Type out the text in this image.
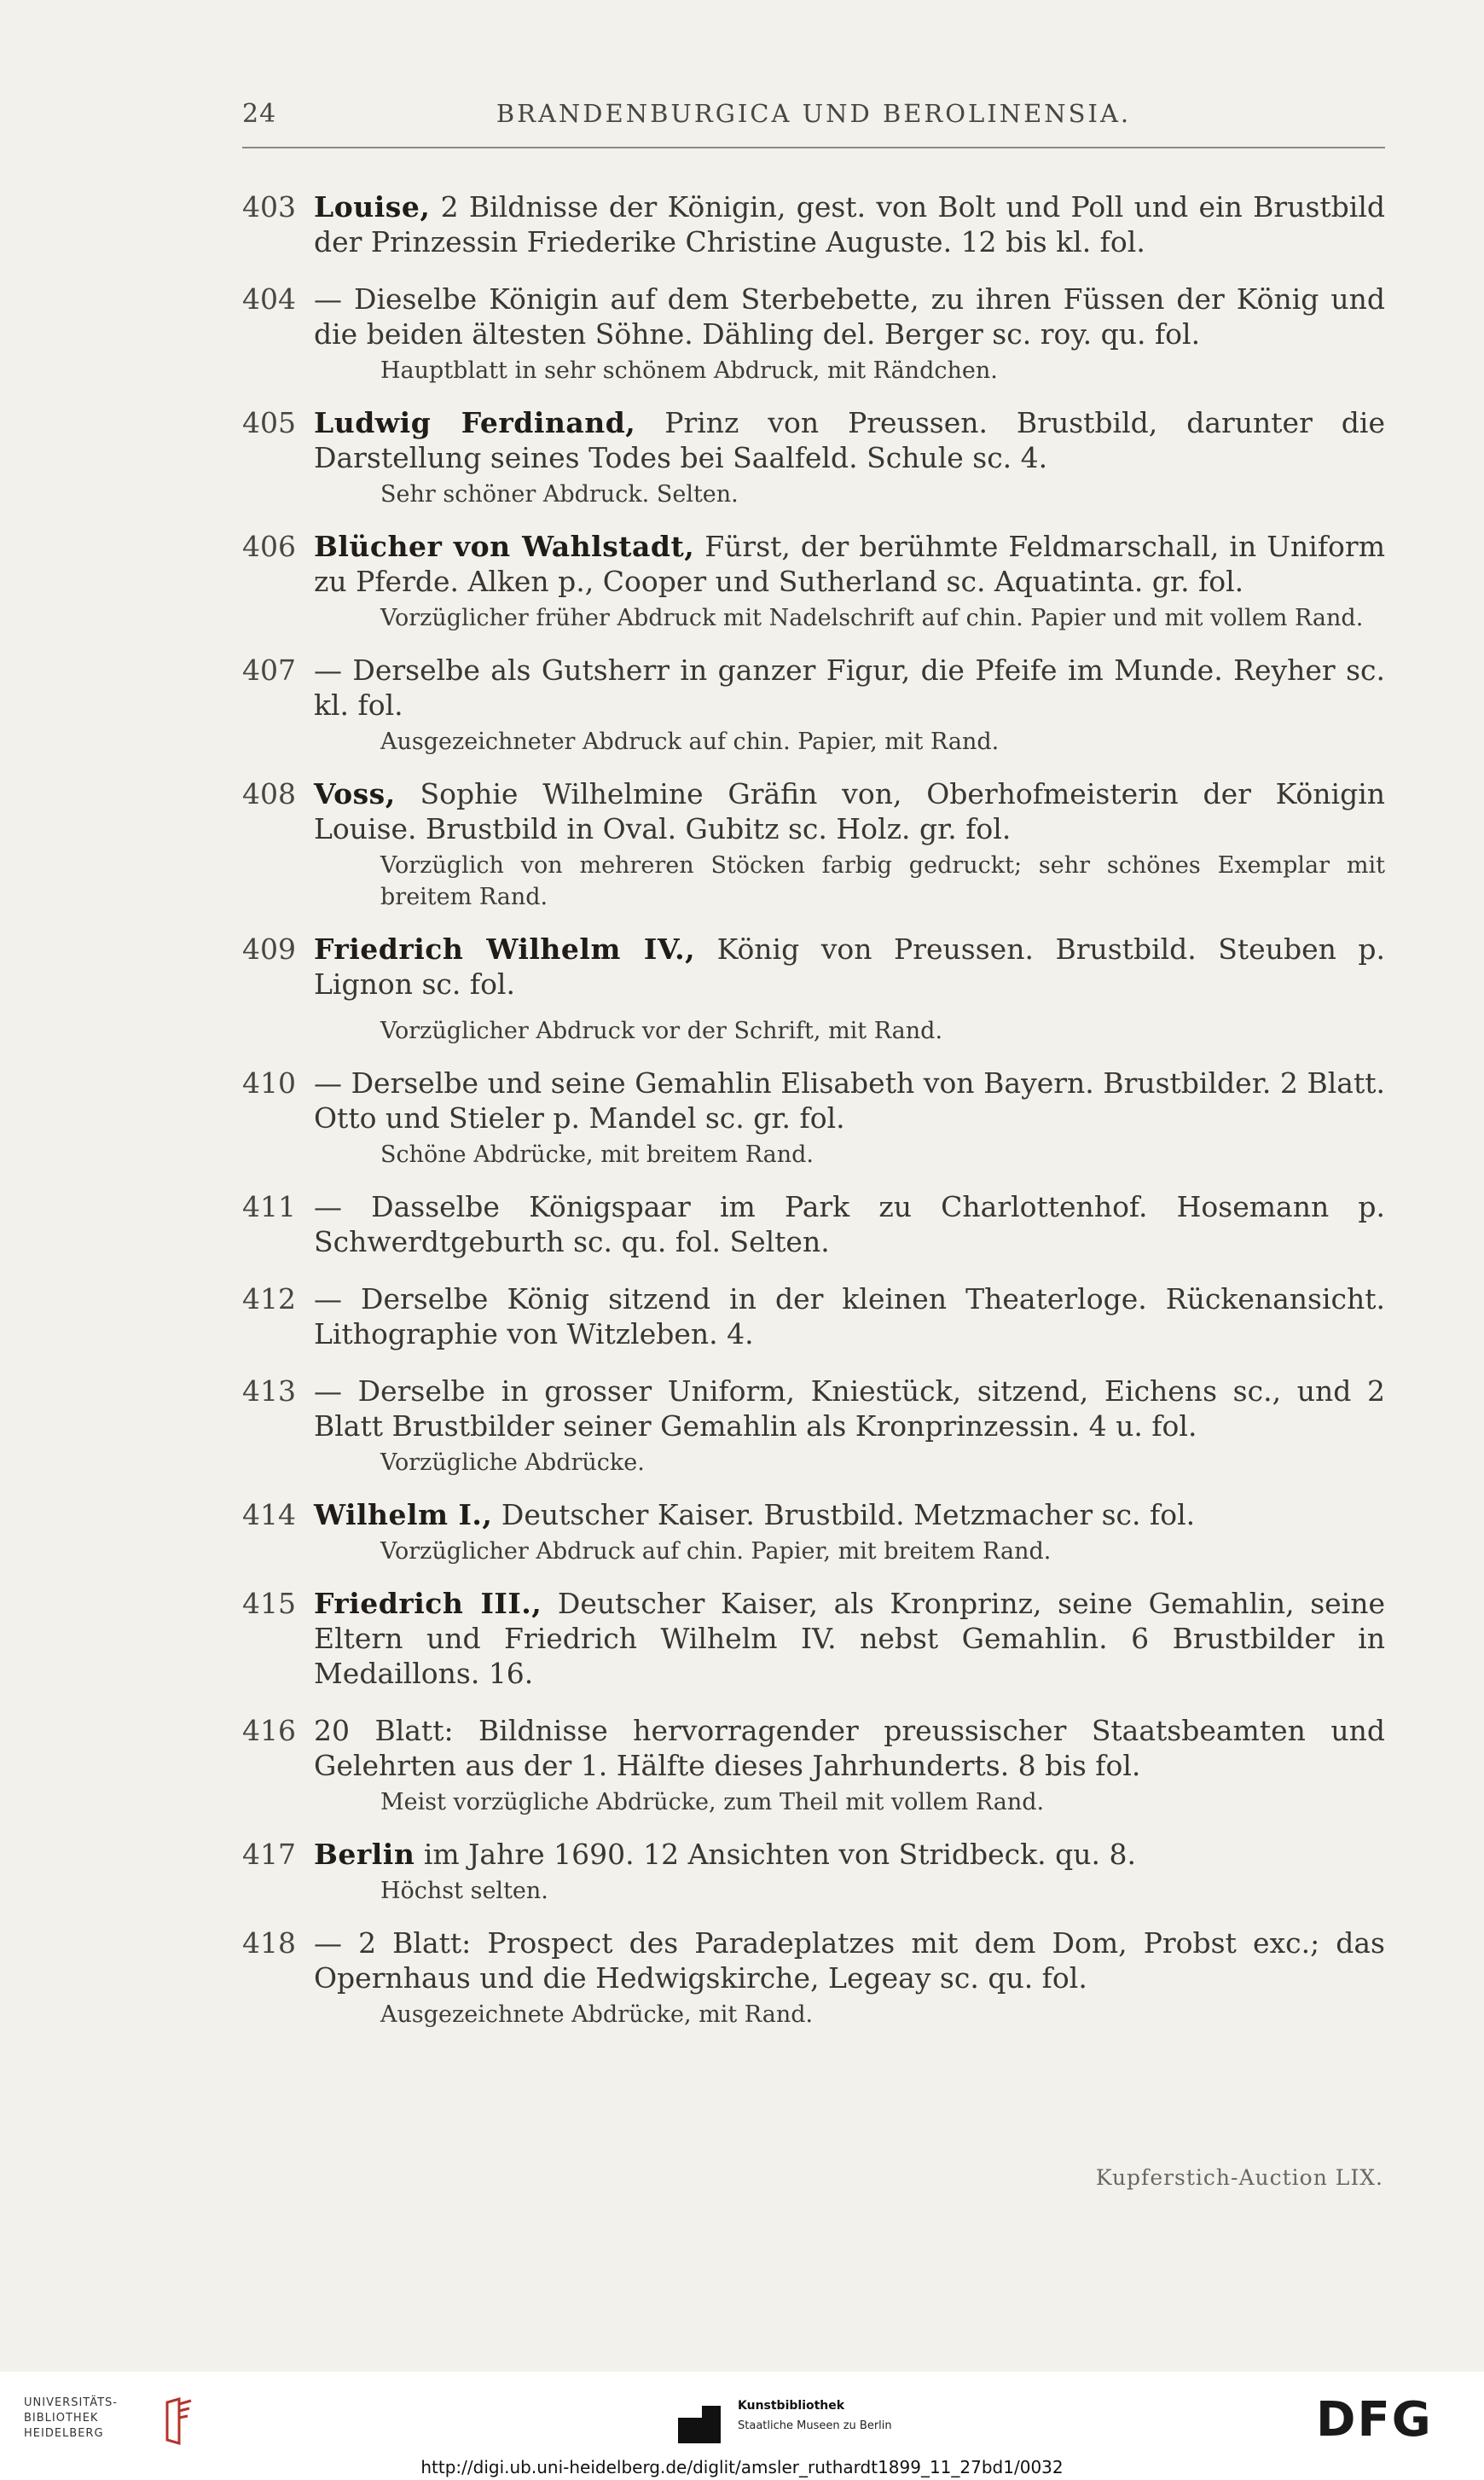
24	BRANDENBURGICA UND BEROLINENSIA.
403 Louise, 2 Bildnisse der Königin, gest. von Bolt und Poll und ein Brustbild der Prinzessin Friederike Christine Auguste. 12 bis kl. fol.
404 — Dieselbe Königin auf dem Sterbebette, zu ihren Füssen der König und die beiden ältesten Söhne. Dähling del. Berger sc. roy. qu. fol.
Hauptblatt in sehr schönem Abdruck, mit Rändchen.
405 Ludwig Ferdinand, Prinz von Preussen. Brustbild, darunter die Darstellung seines Todes bei Saalfeld. Schule sc. 4.
Sehr schöner Abdruck. Selten.
406 Blücher von Wahlstadt, Fürst, der berühmte Feldmarschall, in Uniform zu Pferde. Alken p., Cooper und Sutherland sc. Aquatinta. gr. fol.
Vorzüglicher früher Abdruck mit Nadelschrift auf chin. Papier und mit vollem Rand.
407 — Derselbe als Gutsherr in ganzer Figur, die Pfeife im Munde. Reyher sc. kl. fol.
Ausgezeichneter Abdruck auf chin. Papier, mit Rand.
408 Voss, Sophie Wilhelmine Gräfin von, Oberhofmeisterin der Königin Louise. Brustbild in Oval. Gubitz sc. Holz. gr. fol.
Vorzüglich von mehreren Stöcken farbig gedruckt; sehr schönes Exemplar mit breitem Rand.
409 Friedrich Wilhelm IV., König von Preussen. Brustbild. Steuben p. Lignon sc. fol.
Vorzüglicher Abdruck vor der Schrift, mit Rand.
410 — Derselbe und seine Gemahlin Elisabeth von Bayern. Brustbilder. 2 Blatt. Otto und Stieler p. Mandel sc. gr. fol.
Schöne Abdrücke, mit breitem Rand.
411 — Dasselbe Königspaar im Park zu Charlottenhof. Hosemann p. Schwerdtgeburth sc. qu. fol. Selten.
412 — Derselbe König sitzend in der kleinen Theaterloge. Rückenansicht. Lithographie von Witzleben. 4.
413 — Derselbe in grosser Uniform, Kniestück, sitzend, Eichens sc., und 2 Blatt Brustbilder seiner Gemahlin als Kronprinzessin. 4 u. fol.
Vorzügliche Abdrücke.
414 Wilhelm I., Deutscher Kaiser. Brustbild. Metzmacher sc. fol.
Vorzüglicher Abdruck auf chin. Papier, mit breitem Rand.
415 Friedrich III., Deutscher Kaiser, als Kronprinz, seine Gemahlin, seine Eltern und Friedrich Wilhelm IV. nebst Gemahlin. 6 Brustbilder in Medaillons. 16.
416 20 Blatt: Bildnisse hervorragender preussischer Staatsbeamten und Gelehrten aus der 1. Hälfte dieses Jahrhunderts. 8 bis fol.
Meist vorzügliche Abdrücke, zum Theil mit vollem Rand.
417 Berlin im Jahre 1690. 12 Ansichten von Stridbeck. qu. 8.
Höchst selten.
418 — 2 Blatt: Prospect des Paradeplatzes mit dem Dom, Probst exc.; das Opernhaus und die Hedwigskirche, Legeay sc. qu. fol.
Ausgezeichnete Abdrücke, mit Rand.
Kupferstich-Auction LIX.
UNIVERSITÄTS-
BIBLIOTHEK
HEIDELBERG
Kunstbibliothek
Staatliche Museen zu Berlin	DFG
http://digi.ub.uni-heidelberg.de/diglit/amsler_ruthardt1899_11_27bd1/0032
